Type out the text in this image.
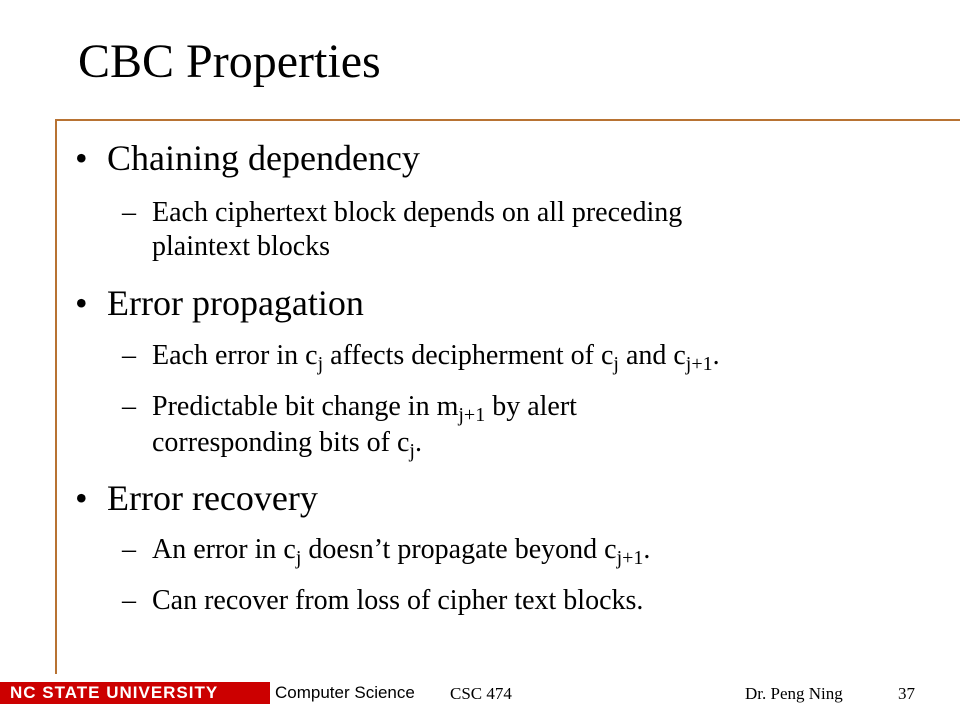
CBC Properties
• Chaining dependency
– Each ciphertext block depends on all preceding
plaintext blocks
• Error propagation
– Each error in $c_j$ affects decipherment of $c_j$ and $c_{j+1}$.
– Predictable bit change in $m_{j+1}$ by alert
corresponding bits of $c_j$.
• Error recovery
– An error in $c_j$ doesn’t propagate beyond $c_{j+1}$.
– Can recover from loss of cipher text blocks.
NC STATE UNIVERSITY	Computer Science CSC 474	Dr. Peng Ning	37
